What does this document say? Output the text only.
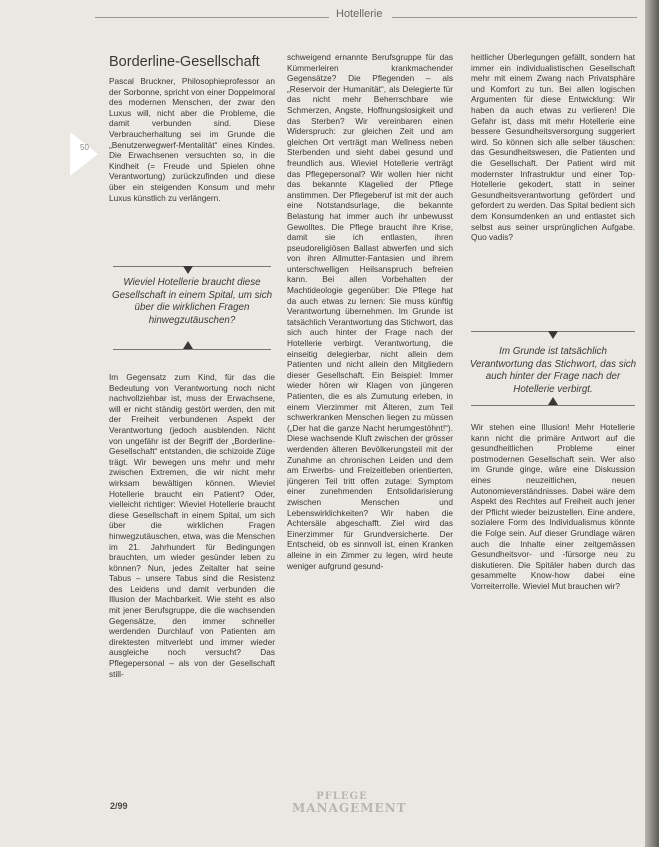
Hotellerie
50
Borderline-Gesellschaft

Pascal Bruckner, Philosophieprofessor an der Sorbonne, spricht von einer Doppelmoral des modernen Menschen, der zwar den Luxus will, nicht aber die Probleme, die damit verbunden sind. Diese Verbraucherhaltung sei im Grunde die „Benutzerwegwerf-Mentalität“ eines Kindes. Die Erwachsenen versuchten so, in die Kindheit (= Freude und Spielen ohne Verantwortung) zurückzufinden und diese über ein steigenden Konsum und mehr Luxus künstlich zu verlängern.

Wieviel Hotellerie braucht diese Gesellschaft in einem Spital, um sich über die wirklichen Fragen hinwegzutäuschen?

Im Gegensatz zum Kind, für das die Bedeutung von Verantwortung noch nicht nachvollziehbar ist, muss der Erwachsene, will er nicht ständig gestört werden, den mit der Freiheit verbundenen Aspekt der Verantwortung (jedoch ausblenden. Nicht von ungefähr ist der Begriff der „Borderline-Gesellschaft“ entstanden, die schizoide Züge trägt. Wir bewegen uns mehr und mehr zwischen Extremen, die wir nicht mehr wirksam bewältigen können. Wieviel Hotellerie braucht ein Patient? Oder, vielleicht richtiger: Wieviel Hotellerie braucht diese Gesellschaft in einem Spital, um sich über die wirklichen Fragen hinwegzutäuschen, etwa, was die Menschen im 21. Jahrhundert für Bedingungen brauchten, um wieder gesünder leben zu können? Nun, jedes Zeitalter hat seine Tabus – unsere Tabus sind die Resistenz des Leidens und damit verbunden die Illusion der Machbarkeit. Wie steht es also mit jener Berufsgruppe, die die wachsenden Gegensätze, den immer schneller werdenden Durchlauf von Patienten am direktesten mitverlebt und immer wieder ausgleiche noch versucht? Das Pflegepersonal – als von der Gesellschaft still-

schweigend ernannte Berufsgruppe für das Kümmerleiren krankmachender Gegensätze? Die Pflegenden – als „Reservoir der Humanität“, als Delegierte für das nicht mehr Beherrschbare wie Schmerzen, Angste, Hoffnungslosigkeit und das Sterben? Wir vereinbaren einen Widerspruch: zur gleichen Zeit und am gleichen Ort verträgt man Wellness neben Sterbenden und sieht dabei gesund und freundlich aus. Wieviel Hotellerie verträgt das Pflegepersonal? Wir wollen hier nicht das bekannte Klagelied der Pflege anstimmen. Der Pflegeberuf ist mit der auch eine Notstandsurlage, die bekannte Belastung hat immer auch ihr unbewusst Gewolltes. Die Pflege braucht ihre Krise, damit sie ich entlasten, ihren pseudoreligiösen Ballast abwerfen und sich von ihren Allmutter-Fantasien und ihrem unterschwelligen Heilsanspruch befreien kann. Bei allen Vorbehalten der Machtideologie gegenüber: Die Pflege hat da auch etwas zu lernen: Sie muss künftig Verantwortung übernehmen. Im Grunde ist tatsächlich Verantwortung das Stichwort, das sich auch hinter der Frage nach der Hotellerie verbirgt. Verantwortung, die einseitig delegierbar, nicht allein dem Patienten und nicht allein den Mitgliedern dieser Gesellschaft. Ein Beispiel: Immer wieder hören wir Klagen von jüngeren Patienten, die es als Zumutung erleben, in einem Vierzimmer mit Älteren, zum Teil schwerkranken Menschen liegen zu müssen („Der hat die ganze Nacht herumgestöhnt!“). Diese wachsende Kluft zwischen der grösser werdenden älteren Bevölkerungsteil mit der Zunahme an chronischen Leiden und dem am Erwerbs- und Freizeitleben orientierten, jüngeren Teil tritt offen zutage: Symptom einer zunehmenden Entsolidarisierung zwischen Menschen und Lebenswirklichkeiten? Wir haben die Achtersäle abgeschafft. Ziel wird das Einerzimmer für Grundversicherte. Der Entscheid, ob es sinnvoll ist, einen Kranken alleine in ein Zimmer zu legen, wird heute weniger aufgrund gesund-

heitlicher Überlegungen gefällt, sondern hat immer ein individualistischen Gesellschaft mehr mit einem Zwang nach Privatsphäre und Komfort zu tun. Bei allen logischen Argumenten für diese Entwicklung: Wir haben da auch etwas zu verlieren! Die Gefahr ist, dass mit mehr Hotellerie eine bessere Gesundheitsversorgung suggeriert wird. So können sich alle selber täuschen: das Gesundheitswesen, die Patienten und die Gesellschaft. Der Patient wird mit modernster Infrastruktur und einer Top-Hotellerie gekodert, statt in seiner Gesundheitsverantwortung gefördert und gefordert zu werden. Das Spital bedient sich dem Konsumdenken an und entlastet sich selbst aus seiner ursprünglichen Aufgabe. Quo vadis?

Im Grunde ist tatsächlich Verantwortung das Stichwort, das sich auch hinter der Frage nach der Hotellerie verbirgt.

Wir stehen eine Illusion! Mehr Hotellerie kann nicht die primäre Antwort auf die gesundheitlichen Probleme einer postmodernen Gesellschaft sein. Wer also im Grunde ginge, wäre eine Diskussion eines neuzeitlichen, neuen Autonomieverständnisses. Dabei wäre dem Aspekt des Rechtes auf Freiheit auch jener der Pflicht wieder beizustellen. Eine andere, sozialere Form des Individualismus könnte die Folge sein. Auf dieser Grundlage wären auch die Inhalte einer zeitgemässen Gesundheitsvor- und -fürsorge neu zu diskutieren. Die Spitäler haben durch das gesammelte Know-how dabei eine Vorreiterrolle. Wieviel Mut brauchen wir?

2/99
PFLEGE
MANAGEMENT
